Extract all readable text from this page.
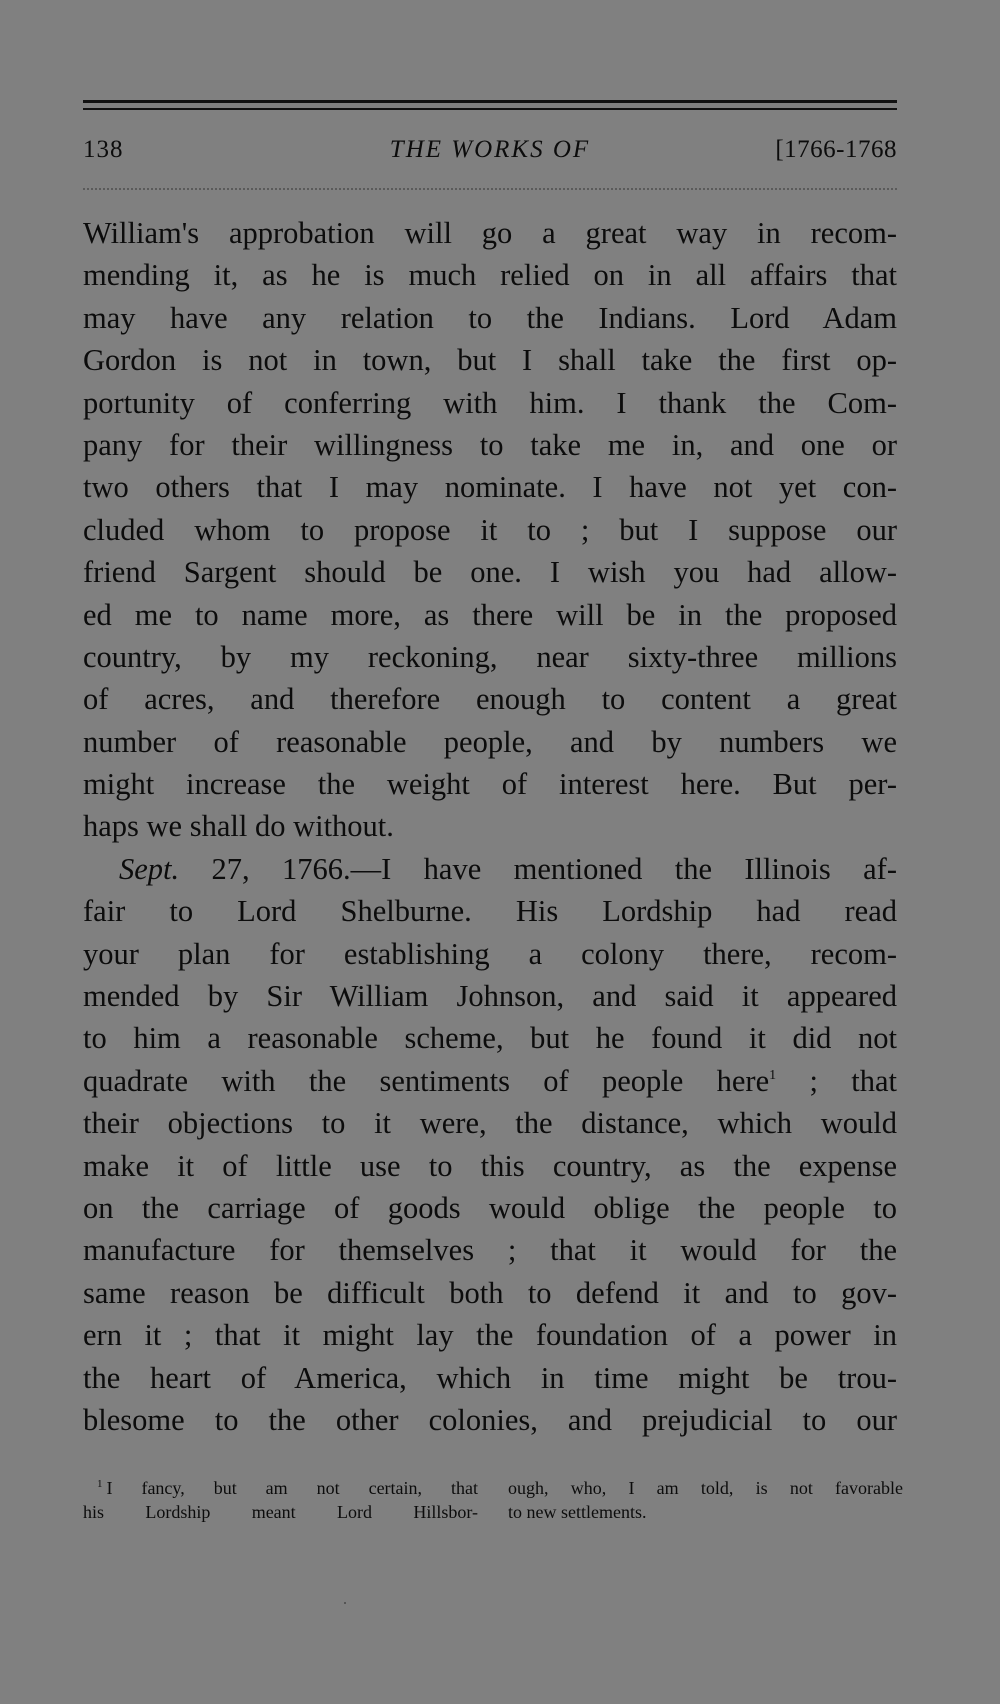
138	THE WORKS OF	[1766-1768
William's approbation will go a great way in recom-
mending it, as he is much relied on in all affairs that
may have any relation to the Indians. Lord Adam
Gordon is not in town, but I shall take the first op-
portunity of conferring with him. I thank the Com-
pany for their willingness to take me in, and one or
two others that I may nominate. I have not yet con-
cluded whom to propose it to ; but I suppose our
friend Sargent should be one. I wish you had allow-
ed me to name more, as there will be in the proposed
country, by my reckoning, near sixty-three millions
of acres, and therefore enough to content a great
number of reasonable people, and by numbers we
might increase the weight of interest here. But per-
haps we shall do without.
Sept. 27, 1766.—I have mentioned the Illinois af-
fair to Lord Shelburne. His Lordship had read
your plan for establishing a colony there, recom-
mended by Sir William Johnson, and said it appeared
to him a reasonable scheme, but he found it did not
quadrate with the sentiments of people here$^1$ ; that
their objections to it were, the distance, which would
make it of little use to this country, as the expense
on the carriage of goods would oblige the people to
manufacture for themselves ; that it would for the
same reason be difficult both to defend it and to gov-
ern it ; that it might lay the foundation of a power in
the heart of America, which in time might be trou-
blesome to the other colonies, and prejudicial to our
$^1$ I fancy, but am not certain, that
his Lordship meant Lord Hillsbor-
ough, who, I am told, is not favorable
to new settlements.
